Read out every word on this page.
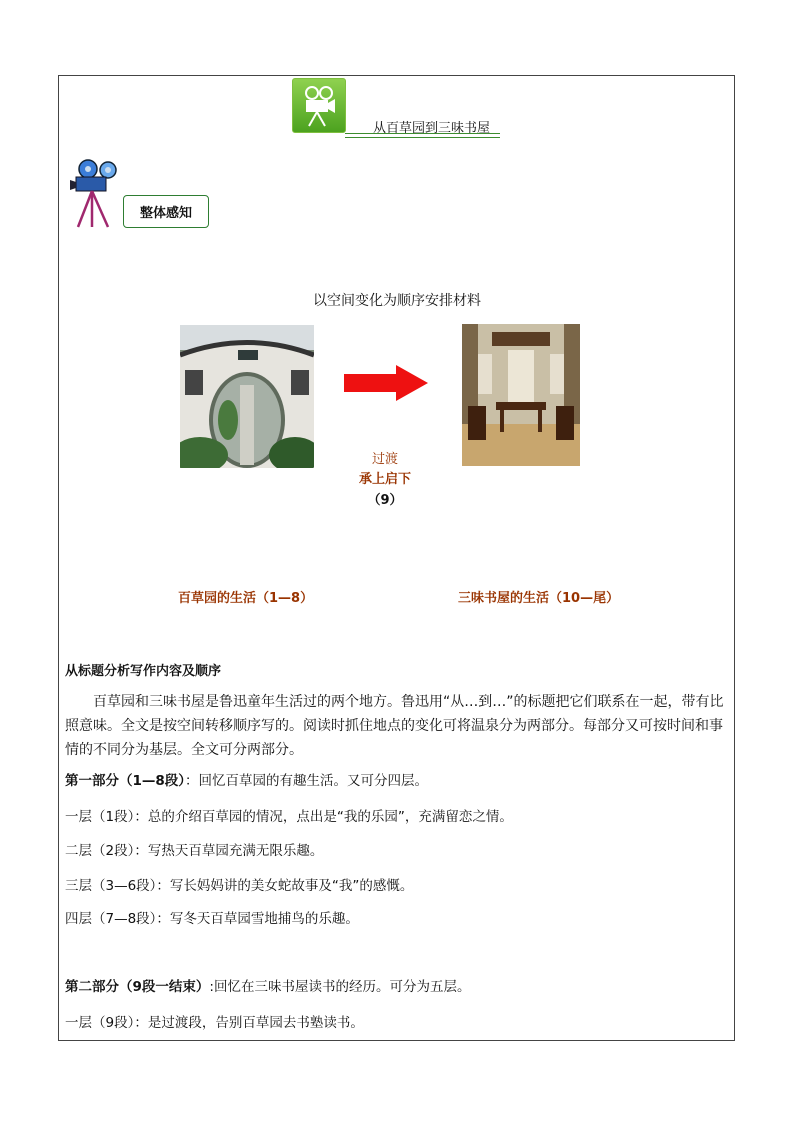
从百草园到三味书屋
整体感知
以空间变化为顺序安排材料
过渡
承上启下
（9）
百草园的生活（1—8）	三味书屋的生活（10—尾）
从标题分析写作内容及顺序
百草园和三味书屋是鲁迅童年生活过的两个地方。鲁迅用“从…到…”的标题把它们联系在一起，带有比照意味。全文是按空间转移顺序写的。阅读时抓住地点的变化可将温泉分为两部分。每部分又可按时间和事情的不同分为基层。全文可分两部分。
第一部分（1—8段）：回忆百草园的有趣生活。又可分四层。
一层（1段）：总的介绍百草园的情况，点出是“我的乐园”，充满留恋之情。
二层（2段）：写热天百草园充满无限乐趣。
三层（3—6段）：写长妈妈讲的美女蛇故事及“我”的感慨。
四层（7—8段）：写冬天百草园雪地捕鸟的乐趣。
第二部分（9段一结束）:回忆在三味书屋读书的经历。可分为五层。
一层（9段）：是过渡段，告别百草园去书塾读书。
